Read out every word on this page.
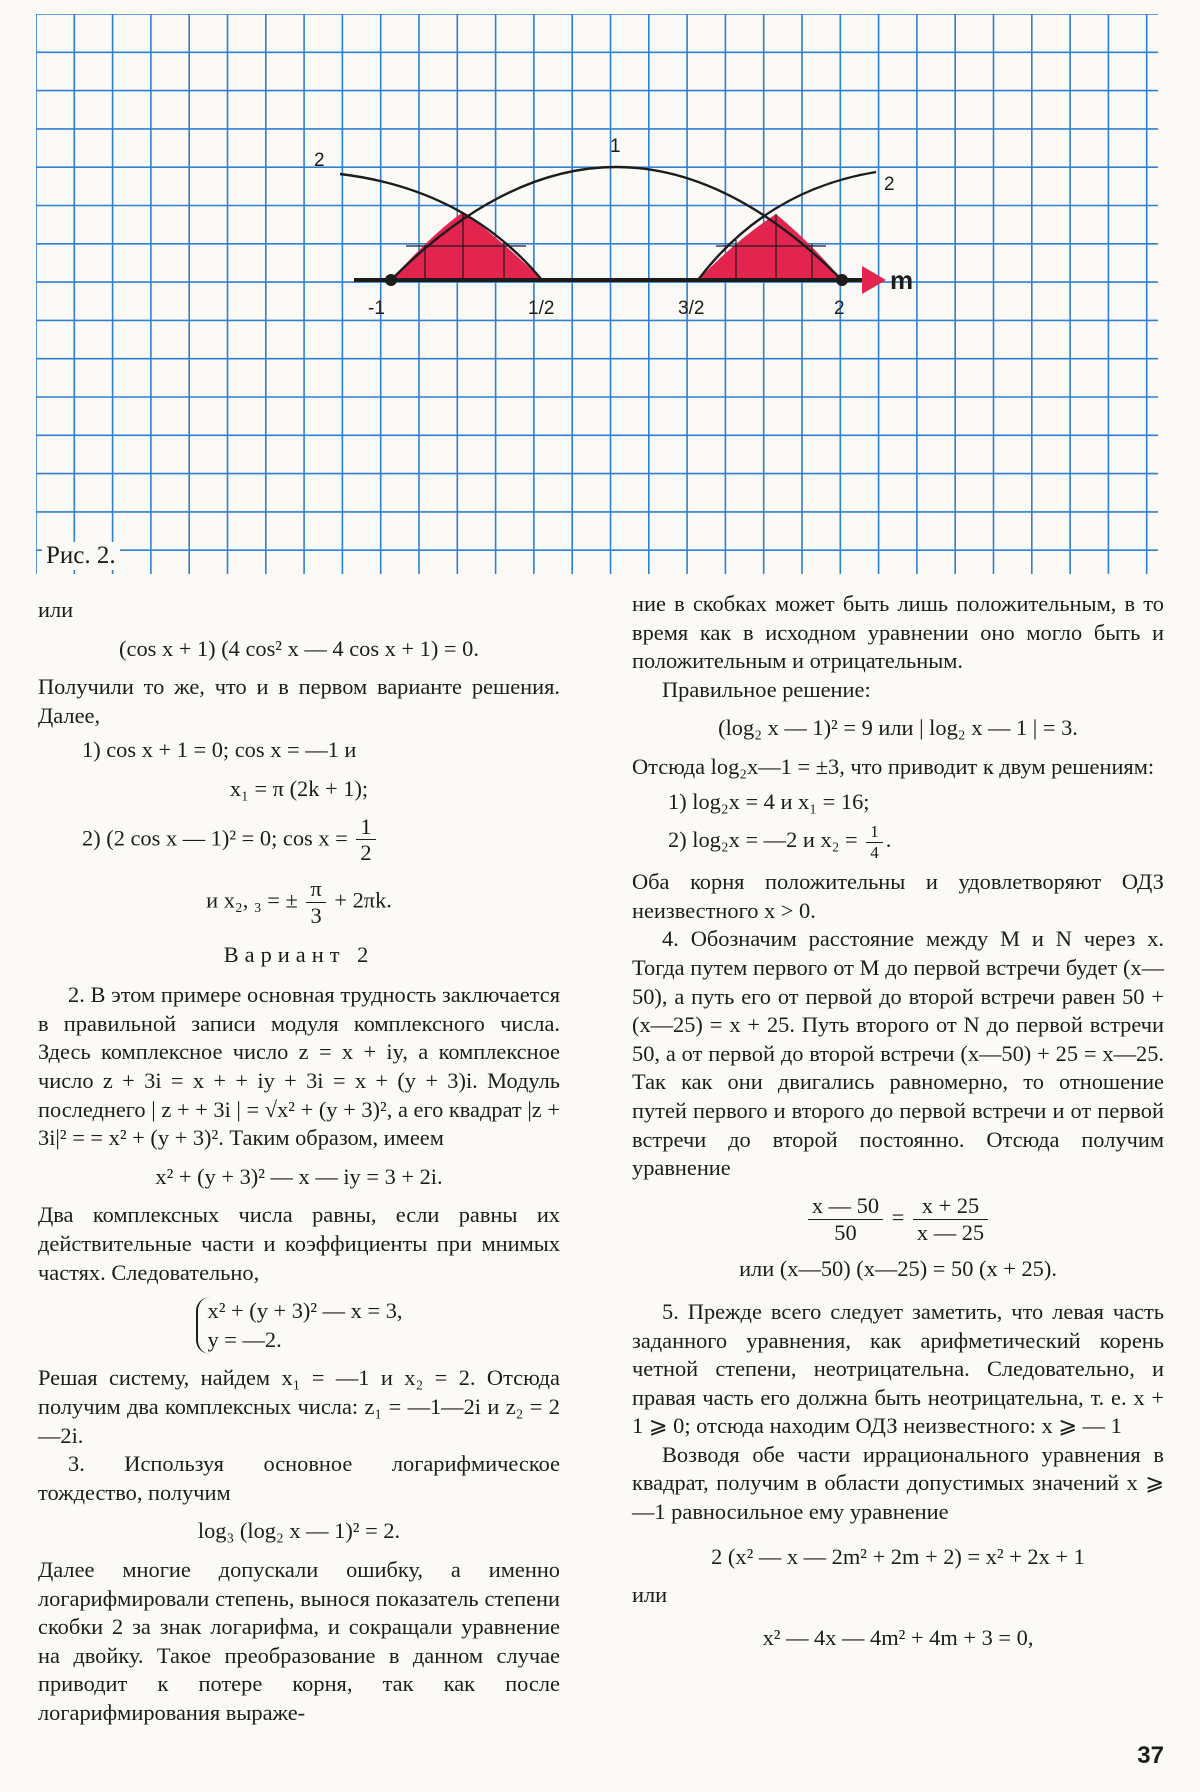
m
-1	1/2	3/2	2
1
2
2
Рис. 2.

или

(cos x + 1) (4 cos² x — 4 cos x + 1) = 0.

Получили то же, что и в первом варианте решения. Далее,

1) cos x + 1 = 0; cos x = —1 и
x₁ = π (2k + 1);
2) (2 cos x — 1)² = 0; $\cos x = \frac{1}{2}$
и x₂, ₃ = ± $\frac{\pi}{3} + 2\pi k$.
Вариант 2

2. В этом примере основная трудность заключается в правильной записи модуля комплексного числа. Здесь комплексное число z = x + iy, а комплексное число z + 3i = x + + iy + 3i = x + (y + 3)i. Модуль последнего | z + + 3i | = √x² + (y + 3)², а его квадрат |z + 3i|² = = x² + (y + 3)². Таким образом, имеем

x² + (y + 3)² — x — iy = 3 + 2i.

Два комплексных числа равны, если равны их действительные части и коэффициенты при мнимых частях. Следовательно,

x² + (y + 3)² — x = 3,
y = —2.

Решая систему, найдем x₁ = —1 и x₂ = 2. Отсюда получим два комплексных числа: z₁ = —1—2i и z₂ = 2—2i.

3. Используя основное логарифмическое тождество, получим

log₃ (log₂ x — 1)² = 2.

Далее многие допускали ошибку, а именно логарифмировали степень, вынося показатель степени скобки 2 за знак логарифма, и сокращали уравнение на двойку. Такое преобразование в данном случае приводит к потере корня, так как после логарифмирования выраже-

ние в скобках может быть лишь положительным, в то время как в исходном уравнении оно могло быть и положительным и отрицательным.

Правильное решение:

(log₂ x — 1)² = 9 или | log₂ x — 1 | = 3.

Отсюда log₂x—1 = ±3, что приводит к двум решениям:

1) log₂x = 4 и x₁ = 16;
2) log₂x = —2 и $x_2 = \frac{1}{4}$ .

Оба корня положительны и удовлетворяют ОДЗ неизвестного x > 0.

4. Обозначим расстояние между M и N через x. Тогда путем первого от M до первой встречи будет (x—50), а путь его от первой до второй встречи равен 50 + (x—25) = x + 25. Путь второго от N до первой встречи 50, а от первой до второй встречи (x—50) + 25 = x—25. Так как они двигались равномерно, то отношение путей первого и второго до первой встречи и от первой встречи до второй постоянно. Отсюда получим уравнение

$\frac{x — 50}{50} = \frac{x + 25}{x — 25}$
или (x—50) (x—25) = 50 (x + 25).

5. Прежде всего следует заметить, что левая часть заданного уравнения, как арифметический корень четной степени, неотрицательна. Следовательно, и правая часть его должна быть неотрицательна, т. е. x + 1 ⩾ 0; отсюда находим ОДЗ неизвестного: x ⩾ — 1

Возводя обе части иррационального уравнения в квадрат, получим в области допустимых значений x ⩾ —1 равносильное ему уравнение

2 (x² — x — 2m² + 2m + 2) = x² + 2x + 1

или

x² — 4x — 4m² + 4m + 3 = 0,
37
